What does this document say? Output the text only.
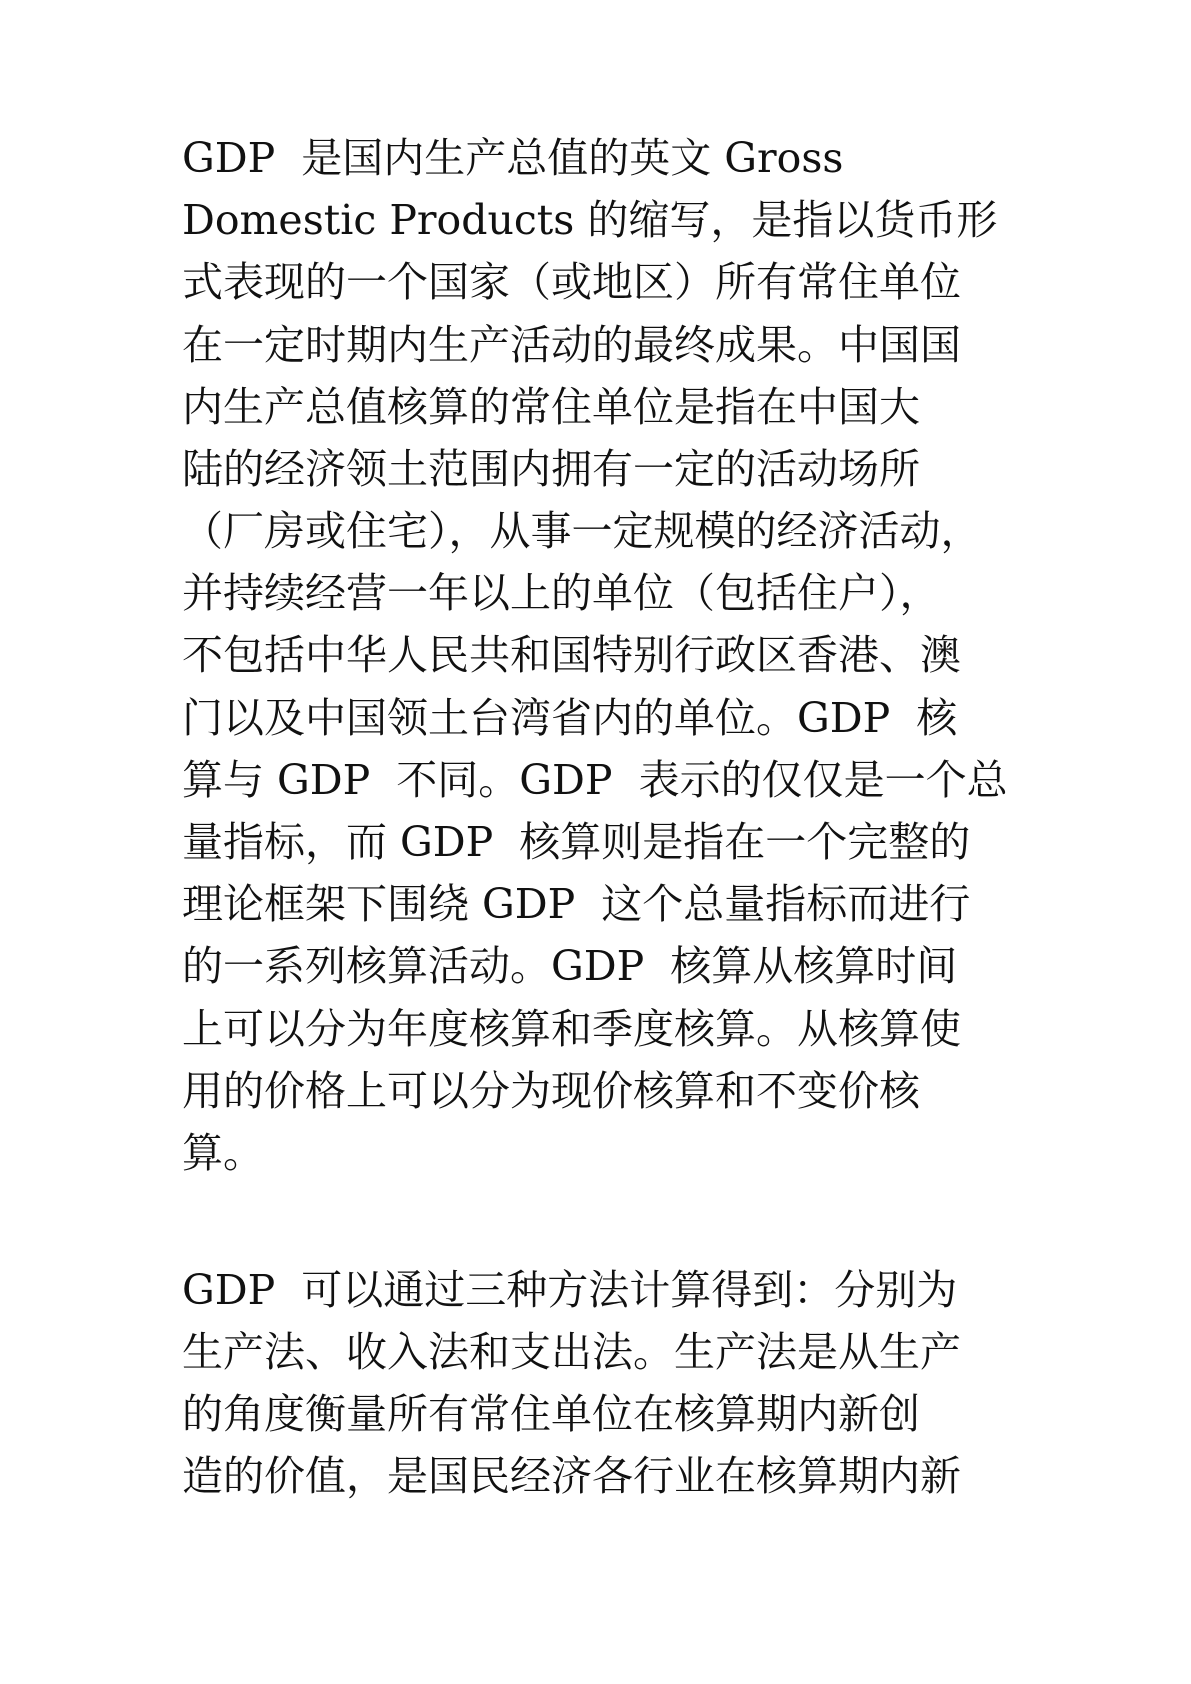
GDP  是国内生产总值的英文 Gross
Domestic Products 的缩写，是指以货币形
式表现的一个国家（或地区）所有常住单位
在一定时期内生产活动的最终成果。中国国
内生产总值核算的常住单位是指在中国大
陆的经济领土范围内拥有一定的活动场所
（厂房或住宅），从事一定规模的经济活动，
并持续经营一年以上的单位（包括住户），
不包括中华人民共和国特别行政区香港、澳
门以及中国领土台湾省内的单位。GDP  核
算与 GDP  不同。GDP  表示的仅仅是一个总
量指标，而 GDP  核算则是指在一个完整的
理论框架下围绕 GDP  这个总量指标而进行
的一系列核算活动。GDP  核算从核算时间
上可以分为年度核算和季度核算。从核算使
用的价格上可以分为现价核算和不变价核
算。
GDP  可以通过三种方法计算得到：分别为
生产法、收入法和支出法。生产法是从生产
的角度衡量所有常住单位在核算期内新创
造的价值，是国民经济各行业在核算期内新
